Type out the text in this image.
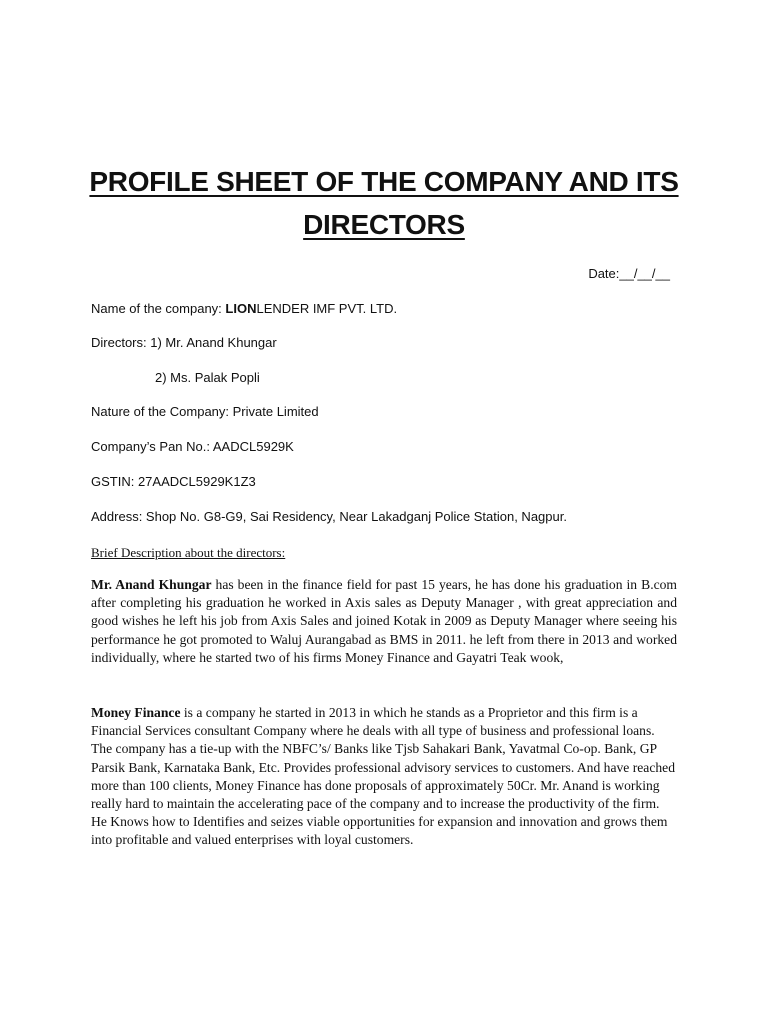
PROFILE SHEET OF THE COMPANY AND ITS DIRECTORS
Date:__/__/__
Name of the company: LIONLENDER IMF PVT. LTD.
Directors: 1) Mr. Anand Khungar
2) Ms. Palak Popli
Nature of the Company: Private Limited
Company’s Pan No.: AADCL5929K
GSTIN: 27AADCL5929K1Z3
Address: Shop No. G8-G9, Sai Residency, Near Lakadganj Police Station, Nagpur.
Brief Description about the directors:
Mr. Anand Khungar has been in the finance field for past 15 years, he has done his graduation in B.com after completing his graduation he worked in Axis sales as Deputy Manager , with great appreciation and good wishes he left his job from Axis Sales and joined Kotak in 2009 as Deputy Manager where seeing his performance he got promoted to Waluj Aurangabad as BMS in 2011. he left from there in 2013 and worked individually, where he started two of his firms Money Finance and Gayatri Teak wook,
Money Finance is a company he started in 2013 in which he stands as a Proprietor and this firm is a Financial Services consultant Company where he deals with all type of business and professional loans. The company has a tie-up with the NBFC’s/ Banks like Tjsb Sahakari Bank, Yavatmal Co-op. Bank, GP Parsik Bank, Karnataka Bank, Etc. Provides professional advisory services to customers. And have reached more than 100 clients, Money Finance has done proposals of approximately 50Cr. Mr. Anand is working really hard to maintain the accelerating pace of the company and to increase the productivity of the firm. He Knows how to Identifies and seizes viable opportunities for expansion and innovation and grows them into profitable and valued enterprises with loyal customers.
